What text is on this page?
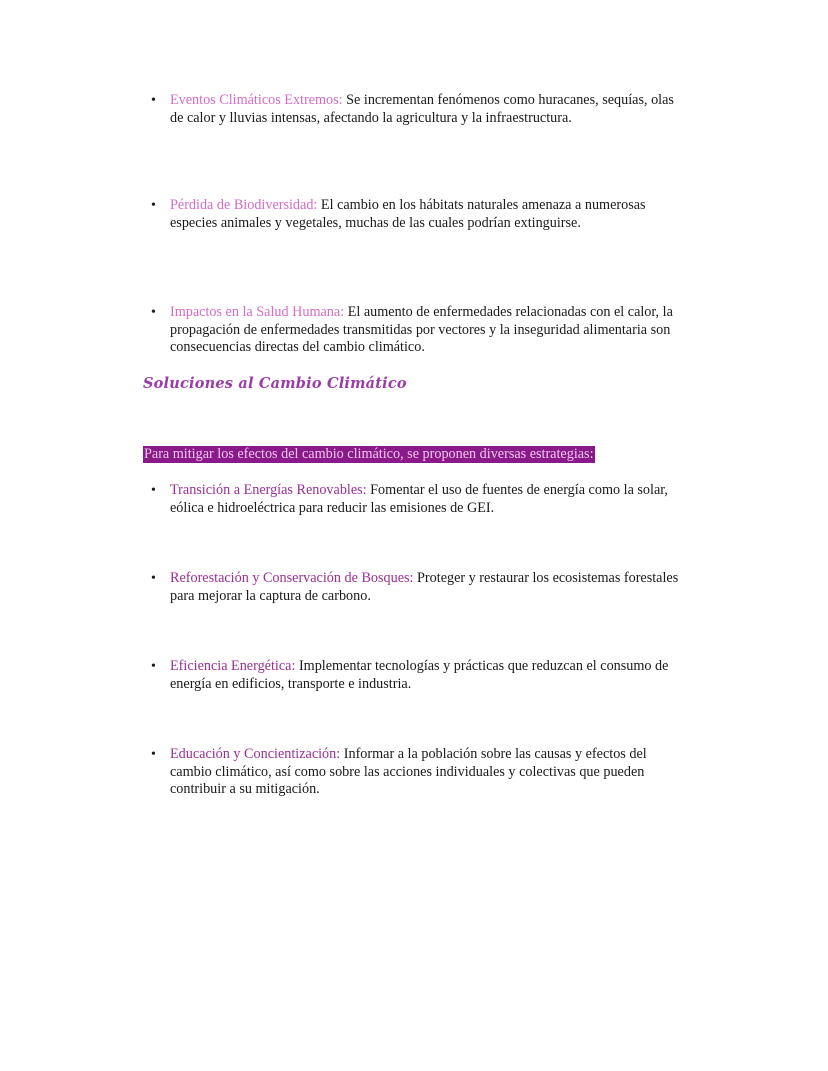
• Eventos Climáticos Extremos: Se incrementan fenómenos como huracanes, sequías, olas de calor y lluvias intensas, afectando la agricultura y la infraestructura.
• Pérdida de Biodiversidad: El cambio en los hábitats naturales amenaza a numerosas especies animales y vegetales, muchas de las cuales podrían extinguirse.
• Impactos en la Salud Humana: El aumento de enfermedades relacionadas con el calor, la propagación de enfermedades transmitidas por vectores y la inseguridad alimentaria son consecuencias directas del cambio climático.
Soluciones al Cambio Climático

Para mitigar los efectos del cambio climático, se proponen diversas estrategias:

• Transición a Energías Renovables: Fomentar el uso de fuentes de energía como la solar, eólica e hidroeléctrica para reducir las emisiones de GEI.
• Reforestación y Conservación de Bosques: Proteger y restaurar los ecosistemas forestales para mejorar la captura de carbono.
• Eficiencia Energética: Implementar tecnologías y prácticas que reduzcan el consumo de energía en edificios, transporte e industria.
• Educación y Concientización: Informar a la población sobre las causas y efectos del cambio climático, así como sobre las acciones individuales y colectivas que pueden contribuir a su mitigación.
